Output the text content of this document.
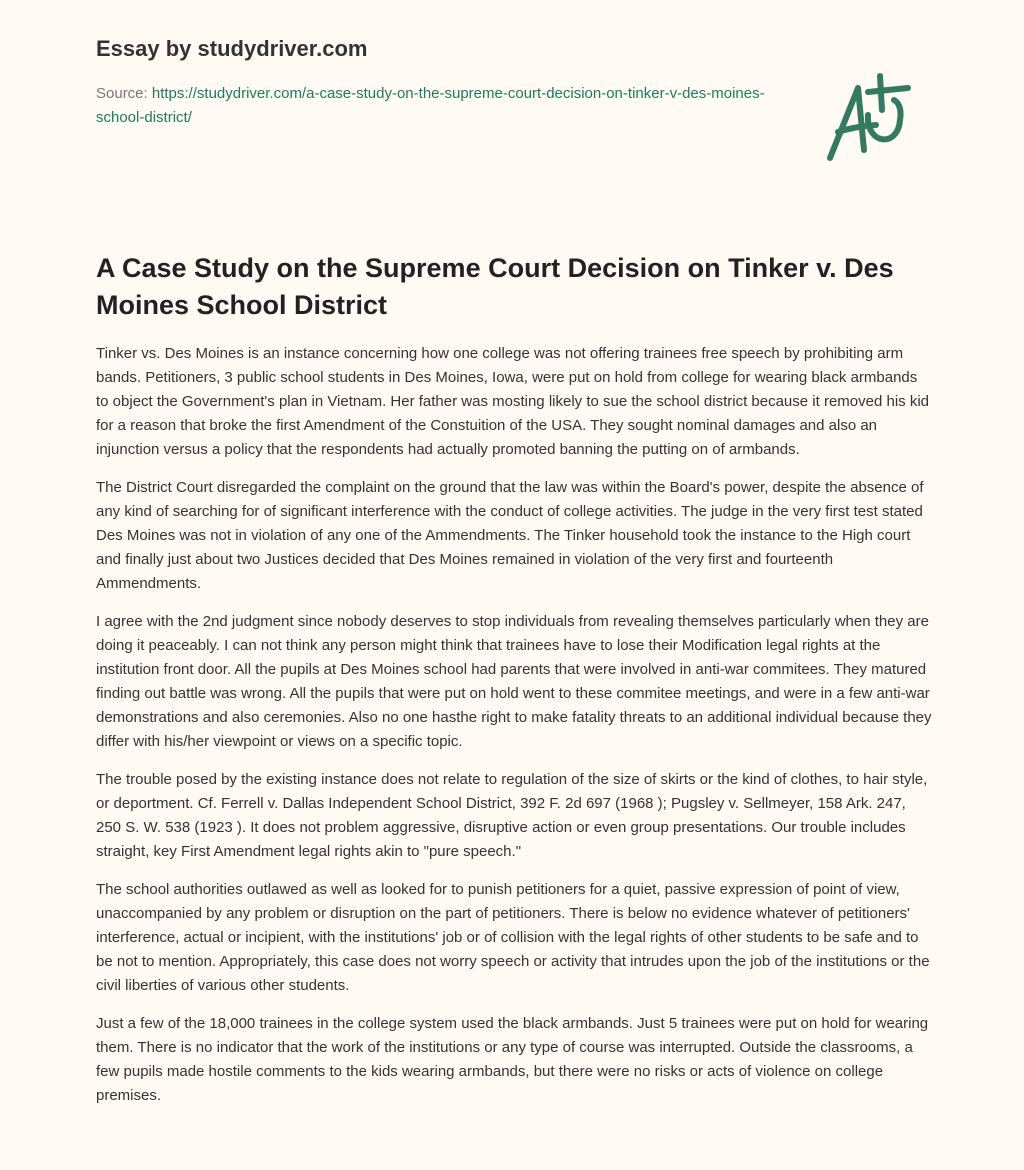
Essay by studydriver.com
Source: https://studydriver.com/a-case-study-on-the-supreme-court-decision-on-tinker-v-des-moines-school-district/
A Case Study on the Supreme Court Decision on Tinker v. Des Moines School District

Tinker vs. Des Moines is an instance concerning how one college was not offering trainees free speech by prohibiting arm bands. Petitioners, 3 public school students in Des Moines, Iowa, were put on hold from college for wearing black armbands to object the Government's plan in Vietnam. Her father was mosting likely to sue the school district because it removed his kid for a reason that broke the first Amendment of the Constuition of the USA. They sought nominal damages and also an injunction versus a policy that the respondents had actually promoted banning the putting on of armbands.

The District Court disregarded the complaint on the ground that the law was within the Board's power, despite the absence of any kind of searching for of significant interference with the conduct of college activities. The judge in the very first test stated Des Moines was not in violation of any one of the Ammendments. The Tinker household took the instance to the High court and finally just about two Justices decided that Des Moines remained in violation of the very first and fourteenth Ammendments.

I agree with the 2nd judgment since nobody deserves to stop individuals from revealing themselves particularly when they are doing it peaceably. I can not think any person might think that trainees have to lose their Modification legal rights at the institution front door. All the pupils at Des Moines school had parents that were involved in anti-war commitees. They matured finding out battle was wrong. All the pupils that were put on hold went to these commitee meetings, and were in a few anti-war demonstrations and also ceremonies. Also no one hasthe right to make fatality threats to an additional individual because they differ with his/her viewpoint or views on a specific topic.

The trouble posed by the existing instance does not relate to regulation of the size of skirts or the kind of clothes, to hair style, or deportment. Cf. Ferrell v. Dallas Independent School District, 392 F. 2d 697 (1968 ); Pugsley v. Sellmeyer, 158 Ark. 247, 250 S. W. 538 (1923 ). It does not problem aggressive, disruptive action or even group presentations. Our trouble includes straight, key First Amendment legal rights akin to "pure speech."

The school authorities outlawed as well as looked for to punish petitioners for a quiet, passive expression of point of view, unaccompanied by any problem or disruption on the part of petitioners. There is below no evidence whatever of petitioners' interference, actual or incipient, with the institutions' job or of collision with the legal rights of other students to be safe and to be not to mention. Appropriately, this case does not worry speech or activity that intrudes upon the job of the institutions or the civil liberties of various other students.

Just a few of the 18,000 trainees in the college system used the black armbands. Just 5 trainees were put on hold for wearing them. There is no indicator that the work of the institutions or any type of course was interrupted. Outside the classrooms, a few pupils made hostile comments to the kids wearing armbands, but there were no risks or acts of violence on college premises.
